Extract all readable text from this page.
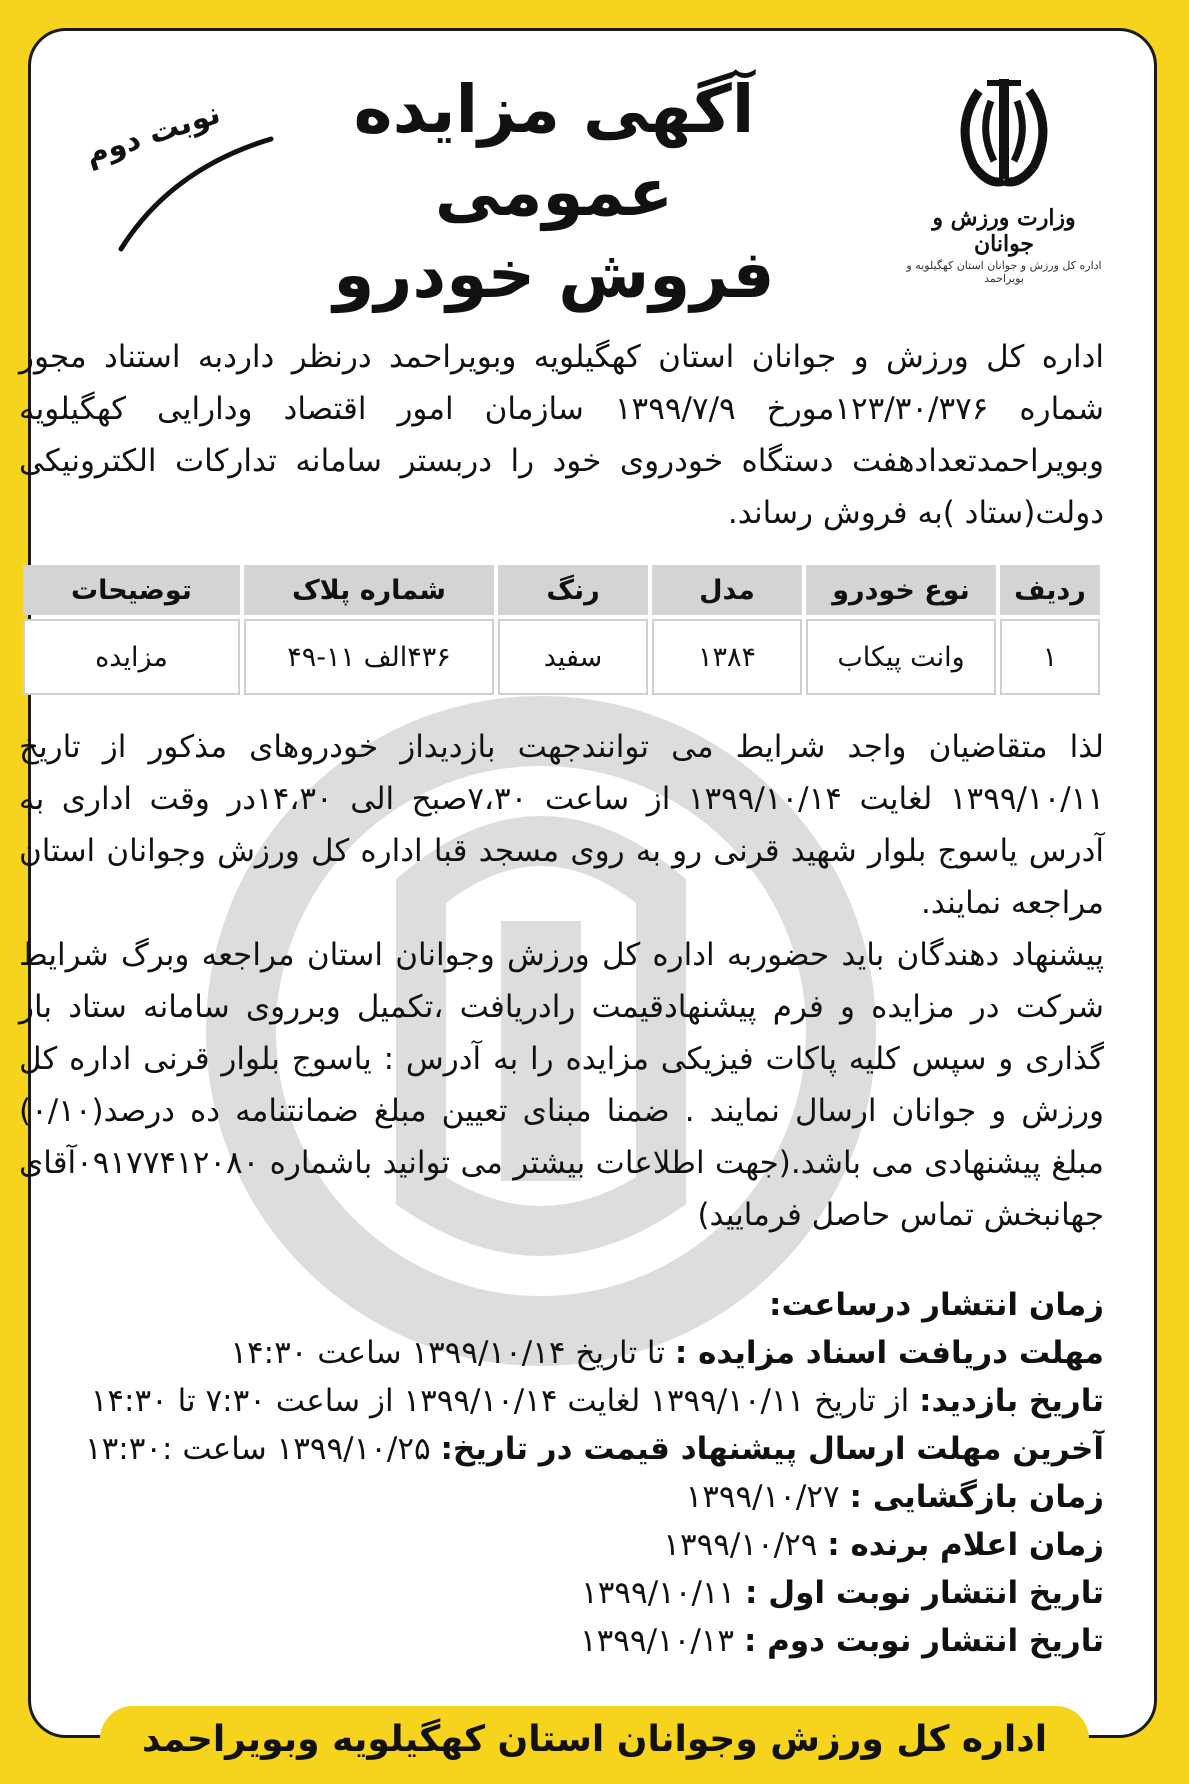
وزارت ورزش و جوانان
اداره کل ورزش و جوانان استان کهگیلویه و بویراحمد
آگهی مزایده عمومی
فروش خودرو
نوبت دوم
اداره کل ورزش و جوانان استان کهگیلویه وبویراحمد درنظر داردبه استناد مجوز شماره ۱۲۳/۳۰/۳۷۶مورخ ۱۳۹۹/۷/۹ سازمان امور اقتصاد ودارایی کهگیلویه وبویراحمدتعدادهفت دستگاه خودروی خود را دربستر سامانه تدارکات الکترونیکی دولت(ستاد )به فروش رساند.
ردیف	نوع خودرو	مدل	رنگ	شماره پلاک	توضیحات
۱	وانت پیکاب	۱۳۸۴	سفید	۴۳۶الف ۱۱-۴۹	مزایده
لذا متقاضیان واجد شرایط می توانندجهت بازدیداز خودروهای مذکور از تاریخ ۱۳۹۹/۱۰/۱۱ لغایت ۱۳۹۹/۱۰/۱۴ از ساعت ۷،۳۰صبح الی ۱۴،۳۰در وقت اداری به آدرس یاسوج بلوار شهید قرنی رو به روی مسجد قبا اداره کل ورزش وجوانان استان مراجعه نمایند.
پیشنهاد دهندگان باید حضوربه اداره کل ورزش وجوانان استان مراجعه وبرگ شرایط شرکت در مزایده و فرم پیشنهادقیمت رادریافت ،تکمیل وبرروی سامانه ستاد بار گذاری و سپس کلیه پاکات فیزیکی مزایده را به آدرس : یاسوج بلوار قرنی اداره کل ورزش و جوانان ارسال نمایند . ضمنا مبنای تعیین مبلغ ضمانتنامه ده درصد(۰/۱۰) مبلغ پیشنهادی می باشد.(جهت اطلاعات بیشتر می توانید باشماره ۰۹۱۷۷۴۱۲۰۸۰آقای جهانبخش تماس حاصل فرمایید)
زمان انتشار درساعت:
مهلت دریافت اسناد مزایده : تا تاریخ ۱۳۹۹/۱۰/۱۴ ساعت ۱۴:۳۰
تاریخ بازدید: از تاریخ ۱۳۹۹/۱۰/۱۱ لغایت ۱۳۹۹/۱۰/۱۴ از ساعت ۷:۳۰ تا ۱۴:۳۰
آخرین مهلت ارسال پیشنهاد قیمت در تاریخ: ۱۳۹۹/۱۰/۲۵ ساعت :۱۳:۳۰
زمان بازگشایی : ۱۳۹۹/۱۰/۲۷
زمان اعلام برنده : ۱۳۹۹/۱۰/۲۹
تاریخ انتشار نوبت اول : ۱۳۹۹/۱۰/۱۱
تاریخ انتشار نوبت دوم : ۱۳۹۹/۱۰/۱۳
اداره کل ورزش وجوانان استان کهگیلویه وبویراحمد
